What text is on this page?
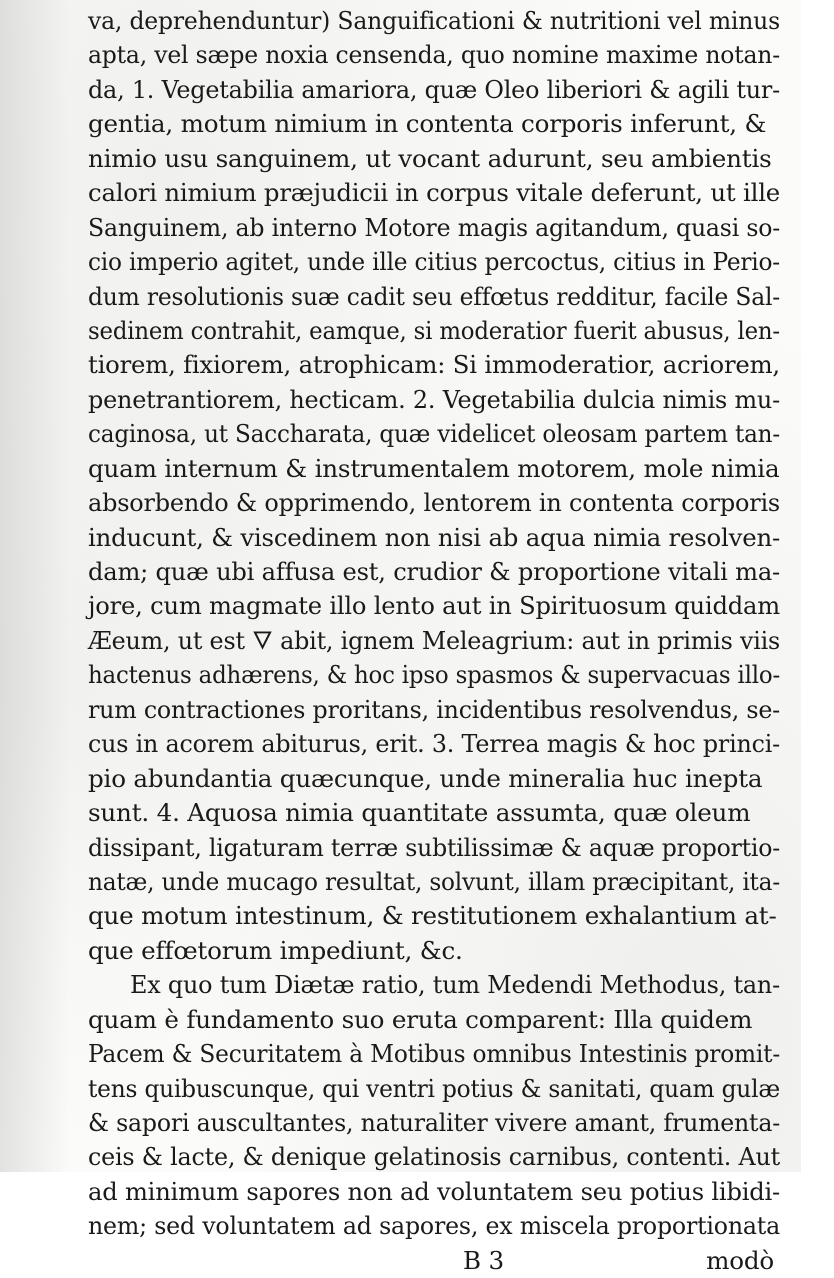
va, deprehenduntur) Sanguificationi & nutritioni vel minus
apta, vel sæpe noxia censenda, quo nomine maxime notan-
da, 1. Vegetabilia amariora, quæ Oleo liberiori & agili tur-
gentia, motum nimium in contenta corporis inferunt, &
nimio usu sanguinem, ut vocant adurunt, seu ambientis
calori nimium præjudicii in corpus vitale deferunt, ut ille
Sanguinem, ab interno Motore magis agitandum, quasi so-
cio imperio agitet, unde ille citius percoctus, citius in Perio-
dum resolutionis suæ cadit seu effœtus redditur, facile Sal-
sedinem contrahit, eamque, si moderatior fuerit abusus, len-
tiorem, fixiorem, atrophicam: Si immoderatior, acriorem,
penetrantiorem, hecticam. 2. Vegetabilia dulcia nimis mu-
caginosa, ut Saccharata, quæ videlicet oleosam partem tan-
quam internum & instrumentalem motorem, mole nimia
absorbendo & opprimendo, lentorem in contenta corporis
inducunt, & viscedinem non nisi ab aqua nimia resolven-
dam; quæ ubi affusa est, crudior & proportione vitali ma-
jore, cum magmate illo lento aut in Spirituosum quiddam
Æeum, ut est 🜄 abit, ignem Meleagrium: aut in primis viis
hactenus adhærens, & hoc ipso spasmos & supervacuas illo-
rum contractiones proritans, incidentibus resolvendus, se-
cus in acorem abiturus, erit. 3. Terrea magis & hoc princi-
pio abundantia quæcunque, unde mineralia huc inepta
sunt. 4. Aquosa nimia quantitate assumta, quæ oleum
dissipant, ligaturam terræ subtilissimæ & aquæ proportio-
natæ, unde mucago resultat, solvunt, illam præcipitant, ita-
que motum intestinum, & restitutionem exhalantium at-
que effœtorum impediunt, &c.
Ex quo tum Diætæ ratio, tum Medendi Methodus, tan-
quam è fundamento suo eruta comparent: Illa quidem
Pacem & Securitatem à Motibus omnibus Intestinis promit-
tens quibuscunque, qui ventri potius & sanitati, quam gulæ
& sapori auscultantes, naturaliter vivere amant, frumenta-
ceis & lacte, & denique gelatinosis carnibus, contenti. Aut
ad minimum sapores non ad voluntatem seu potius libidi-
nem; sed voluntatem ad sapores, ex miscela proportionata
B 3	modò
